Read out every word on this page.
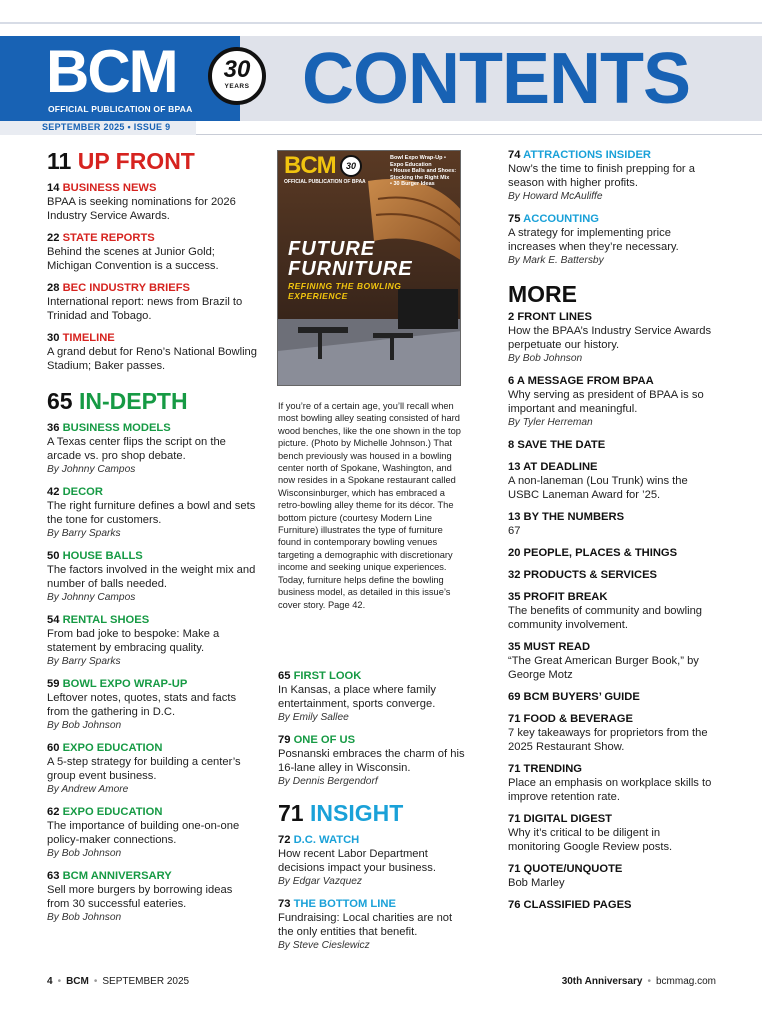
BCM
OFFICIAL PUBLICATION OF BPAA
30
YEARS CONTENTS
SEPTEMBER 2025 • ISSUE 9
11 UP FRONT
14 BUSINESS NEWS
BPAA is seeking nominations for 2026 Industry Service Awards.
22 STATE REPORTS
Behind the scenes at Junior Gold; Michigan Convention is a success.
28 BEC INDUSTRY BRIEFS
International report: news from Brazil to Trinidad and Tobago.
30 TIMELINE
A grand debut for Reno’s National Bowling Stadium; Baker passes.
65 IN-DEPTH
36 BUSINESS MODELS
A Texas center flips the script on the arcade vs. pro shop debate.
By Johnny Campos
42 DECOR
The right furniture defines a bowl and sets the tone for customers.
By Barry Sparks
50 HOUSE BALLS
The factors involved in the weight mix and number of balls needed.
By Johnny Campos
54 RENTAL SHOES
From bad joke to bespoke: Make a statement by embracing quality.
By Barry Sparks
59 BOWL EXPO WRAP-UP
Leftover notes, quotes, stats and facts from the gathering in D.C.
By Bob Johnson
60 EXPO EDUCATION
A 5-step strategy for building a center’s group event business.
By Andrew Amore
62 EXPO EDUCATION
The importance of building one-on-one policy-maker connections.
By Bob Johnson
63 BCM ANNIVERSARY
Sell more burgers by borrowing ideas from 30 successful eateries.
By Bob Johnson
BCM
OFFICIAL PUBLICATION OF BPAA
30
Bowl Expo Wrap-Up • Expo Education
• House Balls and Shoes: Stocking the Right Mix
• 30 Burger Ideas
FUTURE
FURNITURE
REFINING THE BOWLING EXPERIENCE
If you’re of a certain age, you’ll recall when most bowling alley seating consisted of hard wood benches, like the one shown in the top picture. (Photo by Michelle Johnson.) That bench previously was housed in a bowling center north of Spokane, Washington, and now resides in a Spokane restaurant called Wisconsinburger, which has embraced a retro-bowling alley theme for its décor. The bottom picture (courtesy Modern Line Furniture) illustrates the type of furniture found in contemporary bowling venues targeting a demographic with discretionary income and seeking unique experiences. Today, furniture helps define the bowling business model, as detailed in this issue’s cover story. Page 42.
65 FIRST LOOK
In Kansas, a place where family entertainment, sports converge.
By Emily Sallee
79 ONE OF US
Posnanski embraces the charm of his 16-lane alley in Wisconsin.
By Dennis Bergendorf
71 INSIGHT
72 D.C. WATCH
How recent Labor Department decisions impact your business.
By Edgar Vazquez
73 THE BOTTOM LINE
Fundraising: Local charities are not the only entities that benefit.
By Steve Cieslewicz
74 ATTRACTIONS INSIDER
Now’s the time to finish prepping for a season with higher profits.
By Howard McAuliffe
75 ACCOUNTING
A strategy for implementing price increases when they’re necessary.
By Mark E. Battersby
MORE
2 FRONT LINES
How the BPAA’s Industry Service Awards perpetuate our history.
By Bob Johnson
6 A MESSAGE FROM BPAA
Why serving as president of BPAA is so important and meaningful.
By Tyler Herreman
8 SAVE THE DATE
13 AT DEADLINE
A non-laneman (Lou Trunk) wins the USBC Laneman Award for ’25.
13 BY THE NUMBERS
67
20 PEOPLE, PLACES & THINGS
32 PRODUCTS & SERVICES
35 PROFIT BREAK
The benefits of community and bowling community involvement.
35 MUST READ
“The Great American Burger Book,” by George Motz
69 BCM BUYERS’ GUIDE
71 FOOD & BEVERAGE
7 key takeaways for proprietors from the 2025 Restaurant Show.
71 TRENDING
Place an emphasis on workplace skills to improve retention rate.
71 DIGITAL DIGEST
Why it’s critical to be diligent in monitoring Google Review posts.
71 QUOTE/UNQUOTE
Bob Marley
76 CLASSIFIED PAGES
4 • BCM • SEPTEMBER 2025	30th Anniversary • bcmmag.com
